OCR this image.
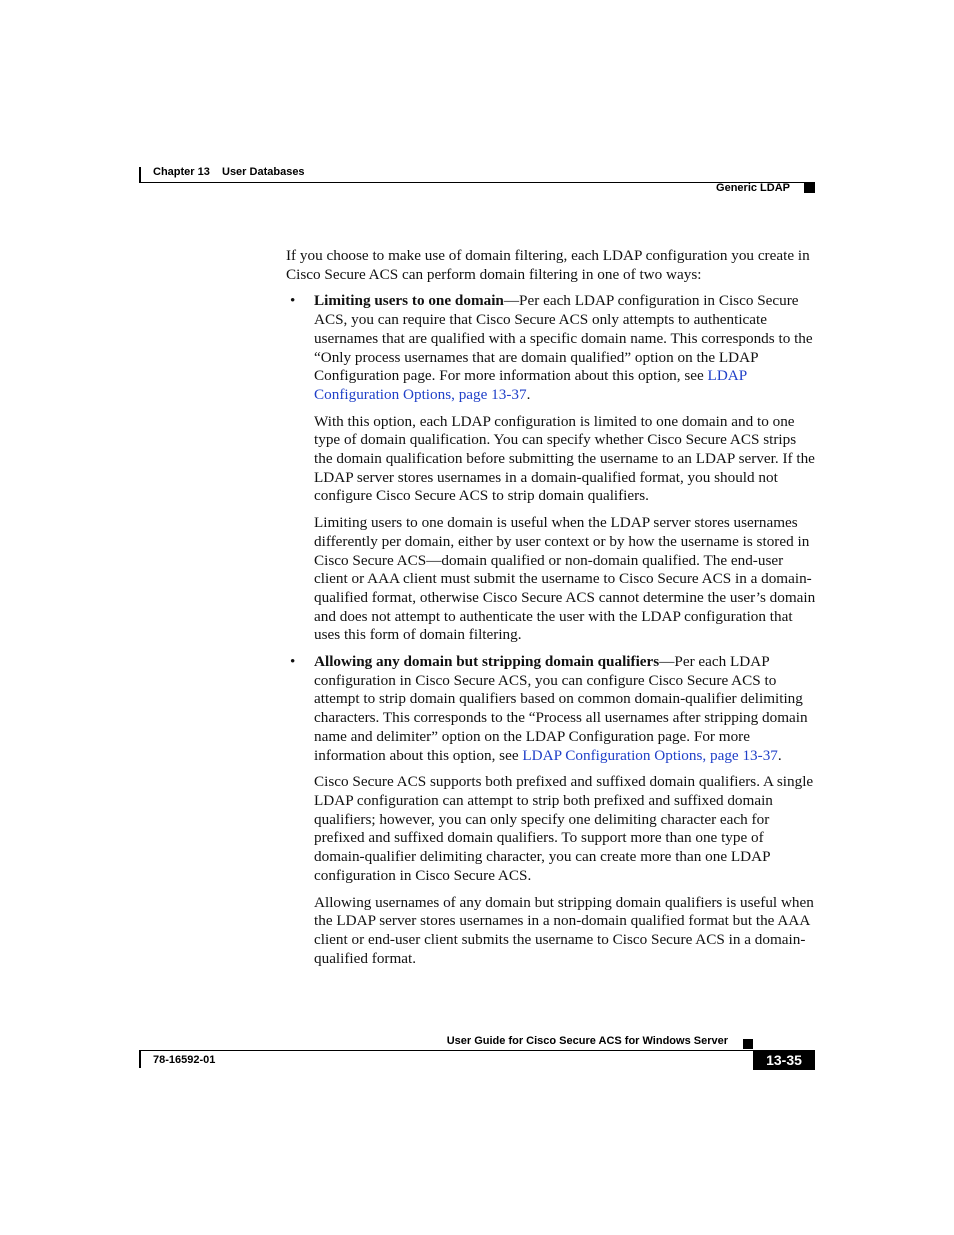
Chapter 13 User Databases
Generic LDAP

If you choose to make use of domain filtering, each LDAP configuration you create in Cisco Secure ACS can perform domain filtering in one of two ways:

• Limiting users to one domain—Per each LDAP configuration in Cisco Secure ACS, you can require that Cisco Secure ACS only attempts to authenticate usernames that are qualified with a specific domain name. This corresponds to the “Only process usernames that are domain qualified” option on the LDAP Configuration page. For more information about this option, see LDAP Configuration Options, page 13-37.

With this option, each LDAP configuration is limited to one domain and to one type of domain qualification. You can specify whether Cisco Secure ACS strips the domain qualification before submitting the username to an LDAP server. If the LDAP server stores usernames in a domain-qualified format, you should not configure Cisco Secure ACS to strip domain qualifiers.

Limiting users to one domain is useful when the LDAP server stores usernames differently per domain, either by user context or by how the username is stored in Cisco Secure ACS—domain qualified or non-domain qualified. The end-user client or AAA client must submit the username to Cisco Secure ACS in a domain-qualified format, otherwise Cisco Secure ACS cannot determine the user’s domain and does not attempt to authenticate the user with the LDAP configuration that uses this form of domain filtering.

• Allowing any domain but stripping domain qualifiers—Per each LDAP configuration in Cisco Secure ACS, you can configure Cisco Secure ACS to attempt to strip domain qualifiers based on common domain-qualifier delimiting characters. This corresponds to the “Process all usernames after stripping domain name and delimiter” option on the LDAP Configuration page. For more information about this option, see LDAP Configuration Options, page 13-37.

Cisco Secure ACS supports both prefixed and suffixed domain qualifiers. A single LDAP configuration can attempt to strip both prefixed and suffixed domain qualifiers; however, you can only specify one delimiting character each for prefixed and suffixed domain qualifiers. To support more than one type of domain-qualifier delimiting character, you can create more than one LDAP configuration in Cisco Secure ACS.

Allowing usernames of any domain but stripping domain qualifiers is useful when the LDAP server stores usernames in a non-domain qualified format but the AAA client or end-user client submits the username to Cisco Secure ACS in a domain-qualified format.

User Guide for Cisco Secure ACS for Windows Server
78-16592-01	13-35
